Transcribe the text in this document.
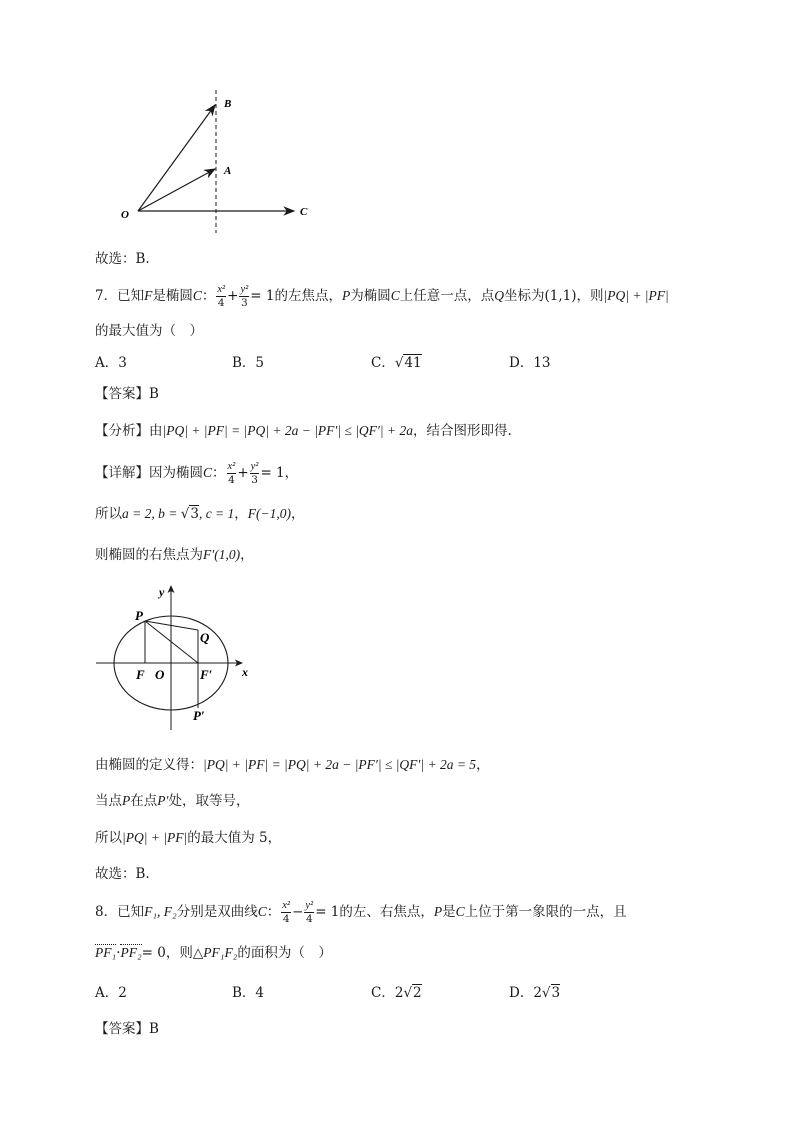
B
A
O	C
故选：B.
7．已知F是椭圆C： $\frac{\text{x²}}{4} + \frac{\text{y²}}{3} = 1$的左焦点，P为椭圆C上任意一点，点Q坐标为(1,1)，则|PQ| + |PF|
的最大值为（　）
A．3	B．5	C．√41	D．13
【答案】B
【分析】由|PQ| + |PF| = |PQ| + 2a − |PF′| ≤ |QF′| + 2a，结合图形即得.
【详解】因为椭圆C： $\frac{\text{x²}}{4} + \frac{\text{y²}}{3} = 1$，
所以a = 2, b = √3, c = 1，F(−1,0)，
则椭圆的右焦点为F′(1,0)，
y
x
P
Q
F O	F′
P′
由椭圆的定义得：|PQ| + |PF| = |PQ| + 2a − |PF′| ≤ |QF′| + 2a = 5，
当点P在点P′处，取等号，
所以|PQ| + |PF|的最大值为 5，
故选：B.
8．已知F₁, F₂分别是双曲线C： $\frac{\text{x²}}{4} - \frac{\text{y²}}{4} = 1$的左、右焦点，P是C上位于第一象限的一点，且
PF₁·PF₂= 0，则△PF₁F₂的面积为（　）
A．2	B．4	C．2√2	D．2√3
【答案】B
